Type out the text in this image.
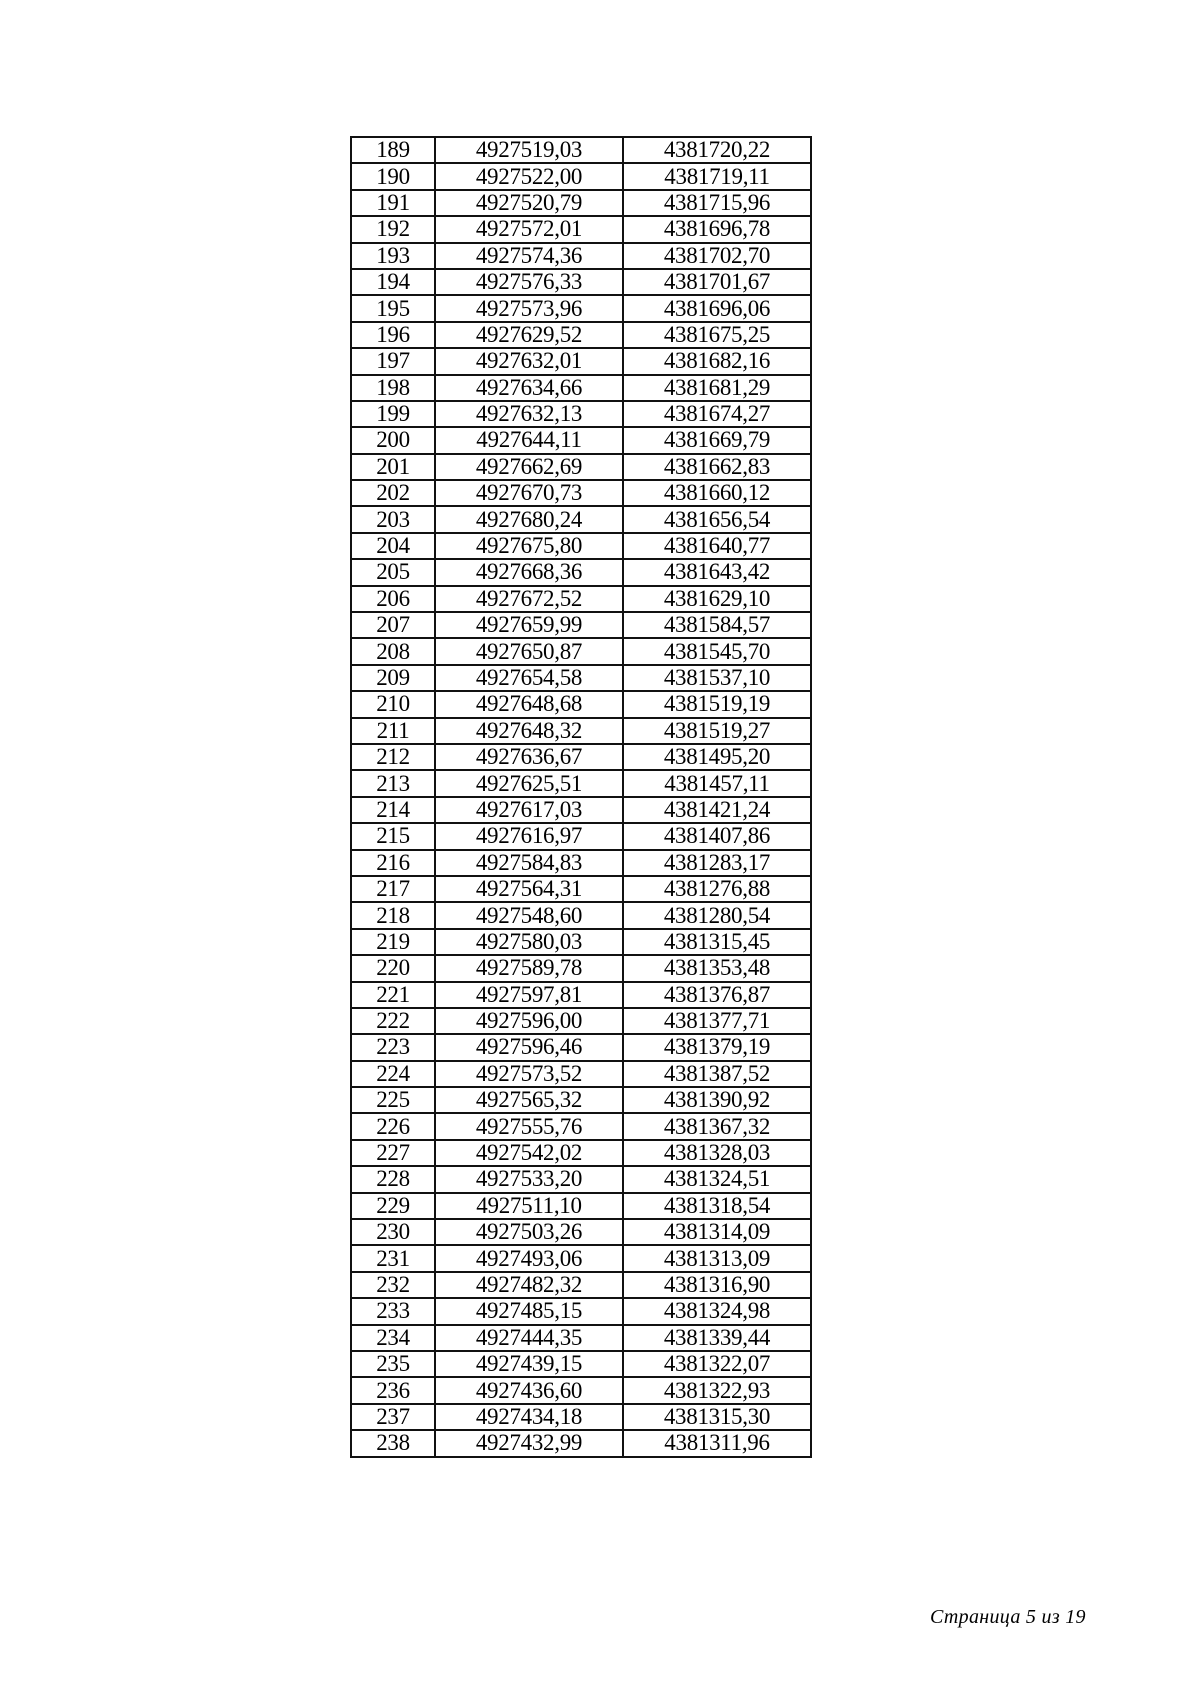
189	4927519,03	4381720,22
190	4927522,00	4381719,11
191	4927520,79	4381715,96
192	4927572,01	4381696,78
193	4927574,36	4381702,70
194	4927576,33	4381701,67
195	4927573,96	4381696,06
196	4927629,52	4381675,25
197	4927632,01	4381682,16
198	4927634,66	4381681,29
199	4927632,13	4381674,27
200	4927644,11	4381669,79
201	4927662,69	4381662,83
202	4927670,73	4381660,12
203	4927680,24	4381656,54
204	4927675,80	4381640,77
205	4927668,36	4381643,42
206	4927672,52	4381629,10
207	4927659,99	4381584,57
208	4927650,87	4381545,70
209	4927654,58	4381537,10
210	4927648,68	4381519,19
211	4927648,32	4381519,27
212	4927636,67	4381495,20
213	4927625,51	4381457,11
214	4927617,03	4381421,24
215	4927616,97	4381407,86
216	4927584,83	4381283,17
217	4927564,31	4381276,88
218	4927548,60	4381280,54
219	4927580,03	4381315,45
220	4927589,78	4381353,48
221	4927597,81	4381376,87
222	4927596,00	4381377,71
223	4927596,46	4381379,19
224	4927573,52	4381387,52
225	4927565,32	4381390,92
226	4927555,76	4381367,32
227	4927542,02	4381328,03
228	4927533,20	4381324,51
229	4927511,10	4381318,54
230	4927503,26	4381314,09
231	4927493,06	4381313,09
232	4927482,32	4381316,90
233	4927485,15	4381324,98
234	4927444,35	4381339,44
235	4927439,15	4381322,07
236	4927436,60	4381322,93
237	4927434,18	4381315,30
238	4927432,99	4381311,96
Страница 5 из 19
